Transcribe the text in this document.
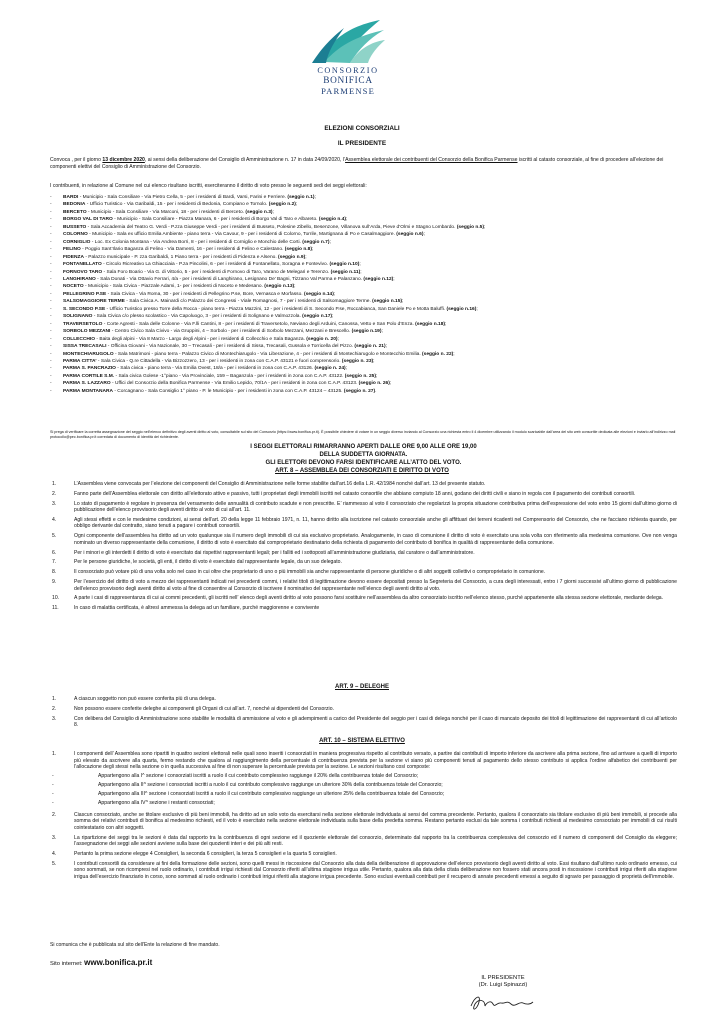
CONSORZIO
BONIFICA
PARMENSE
ELEZIONI CONSORZIALI
IL PRESIDENTE
Convoca , per il giorno 13 dicembre 2020, ai sensi della deliberazione del Consiglio di Amministrazione n. 17 in data 24/09/2020, l’Assemblea elettorale dei contribuenti del Consorzio della Bonifica Parmense iscritti al catasto consorziale, al fine di procedere all’elezione dei componenti elettivi del Consiglio di Amministrazione del Consorzio.
I contribuenti, in relazione al Comune nel cui elenco risultano iscritti, eserciteranno il diritto di voto presso le seguenti sedi dei seggi elettorali:
-	BARDI - Municipio - Sala Consiliare - Via Pietro Cella, 5 - per i residenti di Bardi, Varsi, Farini e Ferriere. (seggio n.1);
-	BEDONIA - Ufficio Turistico - Via Garibaldi, 15 - per i residenti di Bedonia, Compiano e Tornolo. (seggio n.2);
-	BERCETO - Municipio - Sala Consiliare - Via Marconi, 18 - per i residenti di Berceto. (seggio n.3);
-	BORGO VAL DI TARO - Municipio - Sala Consiliare - Piazza Manara, 6 - per i residenti di Borgo Val di Taro e Albareto. (seggio n.4);
-	BUSSETO - Sala Accademia del Teatro G. Verdi - P.zza Giuseppe Verdi - per i residenti di Busseto, Polesine Zibello, Besenzone, Villanova sull’Arda, Pieve d’Olmi e Stagno Lombardo. (seggio n.5);
-	COLORNO - Municipio - Sala ex ufficio Emilia Ambiente - piano terra - Via Cavour, 9 - per i residenti di Colorno, Torrile, Martignana di Po e Casalmaggiore. (seggio n.6);
-	CORNIGLIO - Loc. Ex Colonia Montana - Via Andrea Borri, 8 - per i residenti di Corniglio e Monchio delle Corti. (seggio n.7);
-	FELINO - Poggio Sant’Ilario Baganza di Felino - Via Damenti, 16 - per i residenti di Felino e Calestano. (seggio n.8);
-	FIDENZA - Palazzo municipale - P. zza Garibaldi, 1 Piano terra - per i residenti di Fidenza e Alseno. (seggio n.9);
-	FONTANELLATO - Circolo Ricreativo La Ghiacciaia - P.za Pincolini, 6 - per i residenti di Fontanellato, Soragna e Fontevivo. (seggio n.10);
-	FORNOVO TARO - Sala Foro Boario - Via G. di Vittorio, 5 - per i residenti di Fornovo di Taro, Varano de Melegari e Terenzo. (seggio n.11);
-	LANGHIRANO - Sala Donati - Via Ottavio Ferrari, 4/a - per i residenti di Langhirano, Lesignano De’ Bagni, Tizzano Val Parma e Palanzano. (seggio n.12);
-	NOCETO - Municipio - Sala Civica - Piazzale Adami, 1- per i residenti di Noceto e Medesano. (seggio n.13);
-	PELLEGRINO P.SE - Sala Civica - Via Roma, 30 - per i residenti di Pellegrino P.se, Bore, Vernasca e Morfasso. (seggio n.14);
-	SALSOMAGGIORE TERME - Sala Civica A. Mainardi c/o Palazzo dei Congressi - Viale Romagnosi, 7 - per i residenti di Salsomaggiore Terme. (seggio n.15);
-	S. SECONDO P.SE - Ufficio Turistico presso Torre della Rocca - piano terra - Piazza Mazzini, 12 - per i residenti di S. Secondo P.se, Roccabianca, San Daniele Po e Motta Baluffi. (seggio n.16);
-	SOLIGNANO - Sala Civica c/o plesso scolastico - Via Capoluogo, 3 - per i residenti di Solignano e Valmozzola. (seggio n.17);
-	TRAVERSETOLO - Corte Agresti - Sala delle Colonne - Via F.lli Cantini, 8 - per i residenti di Traversetolo, Neviano degli Arduini, Canossa, Vetto e San Polo d’Enza. (seggio n.18);
-	SORBOLO MEZZANI - Centro Civico Sala Civivo - via Gruppini, 4 – Sorbolo - per i residenti di Sorbolo Mezzani, Mezzani e Brescello. (seggio n.19);
-	COLLECCHIO - Baita degli alpini - Via 8 Marzo - Largo degli Alpini - per i residenti di Collecchio e Sala Baganza. (seggio n. 20);
-	SISSA TRECASALI - Officina Giovani - Via Nazionale, 30 – Trecasali - per i residenti di Sissa, Trecasali, Gussola e Torricella del Pizzo. (seggio n. 21);
-	MONTECHIARUGOLO - Sala Matrimoni - piano terra - Palazzo Civico di Montechiarugolo - Via Liberazione, 4 - per i residenti di Montechiarugolo e Montecchio Emilia. (seggio n. 22);
-	PARMA CITTA’ - Sala Civica - Q.re Cittadella - Via Bizzozzero, 13 - per i residenti in zona con C.A.P. 43121 e fuori comprensorio. (seggio n. 23);
-	PARMA S. PANCRAZIO - Sala civica - piano terra - Via Emilia Ovest, 18/a - per i residenti in zona con C.A.P. 43126. (seggio n. 24);
-	PARMA CORTILE S.M. - Sala civica Golese -1°piano - Via Provinciale, 159 – Baganzola - per i residenti in zona con C.A.P. 43122. (seggio n. 25);
-	PARMA S. LAZZARO - Uffici del Consorzio della Bonifica Parmense - Via Emilio Lepido, 70/1A - per i residenti in zona con C.A.P. 43123. (seggio n. 26);
-	PARMA MONTANARA - Corcagnano - Sala Consiglio 1° piano - P. le Municipio - per i residenti in zona con C.A.P. 43124 – 43125. (seggio n. 27).
Si prega di verificare la corretta assegnazione del seggio nell’elenco definitivo degli aventi diritto al voto, consultabile sul sito del Consorzio (https://www.bonifica.pr.it). È possibile chiedere di votare in un seggio diverso inviando al Consorzio una richiesta entro il 4 dicembre utilizzando il modulo scaricabile dall’area del sito web consortile dedicata alle elezioni e inviarlo all’indirizzo mail protocollo@pec.bonifica.pr.it corredata di documento di identità del richiedente.
I SEGGI ELETTORALI RIMARRANNO APERTI DALLE ORE 9,00 ALLE ORE 19,00
DELLA SUDDETTA GIORNATA.
GLI ELETTORI DEVONO FARSI IDENTIFICARE ALL’ATTO DEL VOTO.
ART. 8 – ASSEMBLEA DEI CONSORZIATI E DIRITTO DI VOTO
1.	L’Assemblea viene convocata per l’elezione dei componenti del Consiglio di Amministrazione nelle forme stabilite dall’art.16 della L.R. 42/1984 nonché dall’art. 13 del presente statuto.
2.	Fanno parte dell’Assemblea elettorale con diritto all’elettorato attivo e passivo, tutti i proprietari degli immobili iscritti nel catasto consortile che abbiano compiuto 18 anni, godano dei diritti civili e siano in regola con il pagamento dei contributi consortili.
3.	Lo stato di pagamento è regolare in presenza del versamento delle annualità di contributo scadute e non prescritte. E’ riammesso al voto il consorziato che regolarizzi la propria situazione contributiva prima dell’espressione del voto entro 15 giorni dall’ultimo giorno di pubblicazione dell’elenco provvisorio degli aventi diritto al voto di cui all’art. 11.
4.	Agli stessi effetti e con le medesime condizioni, ai sensi dell’art. 20 della legge 11 febbraio 1971, n. 11, hanno diritto alla iscrizione nel catasto consorziale anche gli affittuari dei terreni ricadenti nel Comprensorio del Consorzio, che ne facciano richiesta quando, per obbligo derivante dal contratto, siano tenuti a pagare i contributi consortili.
5.	Ogni componente dell’assemblea ha diritto ad un voto qualunque sia il numero degli immobili di cui sia esclusivo proprietario. Analogamente, in caso di comunione il diritto di voto è esercitato una sola volta con riferimento alla medesima comunione. Ove non venga nominato un diverso rappresentante della comunione, il diritto di voto è esercitato dal comproprietario destinatario della richiesta di pagamento del contributo di bonifica in qualità di rappresentante della comunione.
6.	Per i minori e gli interdetti il diritto di voto è esercitato dai rispettivi rappresentanti legali; per i falliti ed i sottoposti all’amministrazione giudiziaria, dal curatore o dall’amministratore.
7.	Per le persone giuridiche, le società, gli enti, il diritto di voto è esercitato dal rappresentante legale, da un suo delegato.
8.	Il consorziato può votare più di una volta solo nel caso in cui oltre che proprietario di uno o più immobili sia anche rappresentante di persone giuridiche o di altri soggetti collettivi o comproprietario in comunione.
9.	Per l’esercizio del diritto di voto a mezzo dei rappresentanti indicati nei precedenti commi, i relativi titoli di legittimazione devono essere depositati presso la Segreteria del Consorzio, a cura degli interessati, entro i 7 giorni successivi all’ultimo giorno di pubblicazione dell’elenco provvisorio degli aventi diritto al voto al fine di consentire al Consorzio di iscrivere il nominativo del rappresentante nell’elenco degli aventi diritto al voto.
10.	A parte i casi di rappresentanza di cui ai commi precedenti, gli iscritti nell’ elenco degli aventi diritto al voto possono farsi sostituire nell’assemblea da altro consorziato iscritto nell’elenco stesso, purché appartenente alla stessa sezione elettorale, mediante delega.
11.	In caso di malattia certificata, è altresì ammessa la delega ad un familiare, purché maggiorenne e convivente
ART. 9 – DELEGHE
1.	A ciascun soggetto non può essere conferita più di una delega.
2.	Non possono essere conferite deleghe ai componenti gli Organi di cui all’art. 7, nonché ai dipendenti del Consorzio.
3.	Con delibera del Consiglio di Amministrazione sono stabilite le modalità di ammissione al voto e gli adempimenti a carico del Presidente del seggio per i casi di delega nonché per il caso di mancato deposito dei titoli di legittimazione dei rappresentanti di cui all’articolo 8.
ART. 10 – SISTEMA ELETTIVO
1.	I componenti dell’ Assemblea sono ripartiti in quattro sezioni elettorali nelle quali sono inseriti i consorziati in maniera progressiva rispetto al contributo versato, a partire dai contributi di importo inferiore da ascrivere alla prima sezione, fino ad arrivare a quelli di importo più elevato da ascrivere alla quarta, fermo restando che qualora al raggiungimento della percentuale di contribuenza prevista per la sezione vi siano più componenti tenuti al pagamento dello stesso contributo si applica l’ordine alfabetico dei contribuenti per l’allocazione degli stessi nella sezione o in quella successiva al fine di non superare la percentuale prevista per la sezione. Le sezioni risultano così composte:
-	Appartengono alla I^ sezione i consorziati iscritti a ruolo il cui contributo complessivo raggiunge il 20% della contribuenza totale del Consorzio;
-	Appartengono alla II^ sezione i consorziati iscritti a ruolo il cui contributo complessivo raggiunge un ulteriore 30% della contribuenza totale del Consorzio;
-	Appartengono alla III^ sezione i consorziati iscritti a ruolo il cui contributo complessivo raggiunge un ulteriore 25% della contribuenza totale del Consorzio;
-	Appartengono alla IV^ sezione i restanti consorziati;
2.	Ciascun consorziato, anche se titolare esclusivo di più beni immobili, ha diritto ad un solo voto da esercitarsi nella sezione elettorale individuata ai sensi del comma precedente. Pertanto, qualora il consorziato sia titolare esclusivo di più beni immobili, si procede alla somma dei relativi contributi di bonifica al medesimo richiesti, ed il voto è esercitato nella sezione elettorale individuata sulla base della predetta somma. Restano pertanto esclusi da tale somma i contributi richiesti al medesimo consorziato per immobili di cui risulti cointestatario con altri soggetti.
3.	La ripartizione dei seggi tra le sezioni è data dal rapporto tra la contribuenza di ogni sezione ed il quoziente elettorale del consorzio, determinato dal rapporto tra la contribuenza complessiva del consorzio ed il numero di componenti del Consiglio da eleggere; l’assegnazione dei seggi alle sezioni avviene sulla base dei quozienti interi e dei più alti resti.
4.	Pertanto la prima sezione elegge 4 Consiglieri, la seconda 6 consiglieri, la terza 5 consiglieri e la quarta 5 consiglieri.
5.	I contributi consortili da considerare ai fini della formazione delle sezioni, sono quelli messi in riscossione dal Consorzio alla data della deliberazione di approvazione dell’elenco provvisorio degli aventi diritto al voto. Essi risultano dall’ultimo ruolo ordinario emesso, cui sono sommati, se non ricompresi nel ruolo ordinario, i contributi irrigui richiesti dal Consorzio riferiti all’ultima stagione irrigua utile. Pertanto, qualora alla data della citata deliberazione non fossero stati ancora posti in riscossione i contributi irrigui riferiti alla stagione irrigua dell’esercizio finanziario in corso, sono sommati al ruolo ordinario i contributi irrigui riferiti alla stagione irrigua precedente. Sono esclusi eventuali contributi per il recupero di annate precedenti emessi a seguito di sgravio per passaggio di proprietà dell’immobile.
Si comunica che è pubblicata sul sito dell’Ente la relazione di fine mandato.
Sito internet: www.bonifica.pr.it
IL PRESIDENTE
(Dr. Luigi Spinazzi)
